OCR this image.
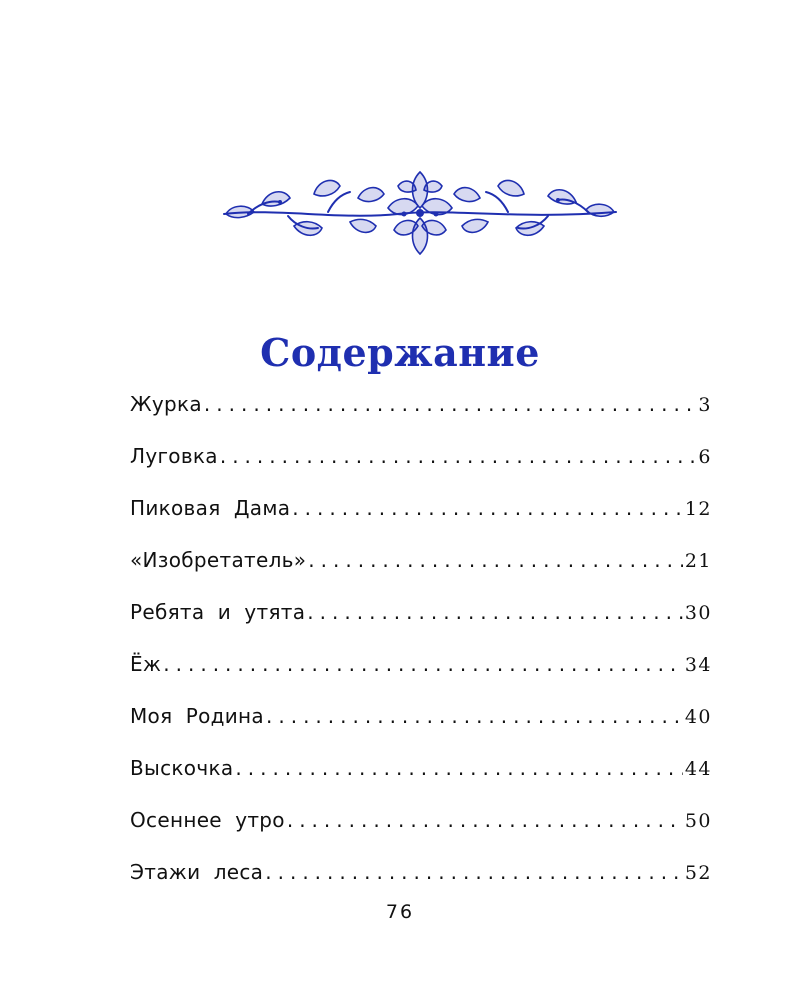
Содержание
Журка .....	3
Луговка .....	6
Пиковая  Дама .....	12
«Изобретатель» .....	21
Ребята  и  утята .....	30
Ёж .....	34
Моя  Родина .....	40
Выскочка .....	44
Осеннее  утро .....	50
Этажи  леса .....	52
76
